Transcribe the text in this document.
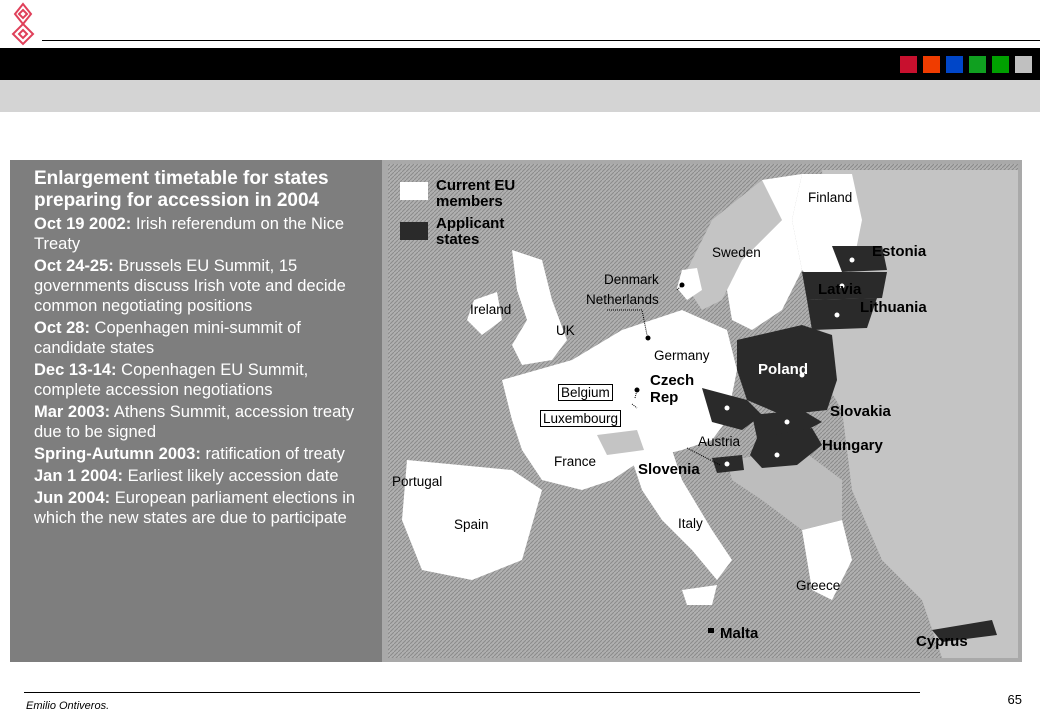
Enlargement timetable for states preparing for accession in 2004
Oct 19 2002: Irish referendum on the Nice Treaty
Oct 24-25: Brussels EU Summit, 15 governments discuss Irish vote and decide common negotiating positions
Oct 28: Copenhagen mini-summit of candidate states
Dec 13-14: Copenhagen EU Summit, complete accession negotiations
Mar 2003: Athens Summit, accession treaty due to be signed
Spring-Autumn 2003: ratification of treaty
Jan 1 2004: Earliest likely accession date
Jun 2004: European parliament elections in which the new states are due to participate
Current EU members
Applicant states
Finland
Sweden
Denmark
Netherlands
Ireland
UK
Germany
Belgium
Luxembourg
France
Austria
Portugal
Spain	Italy
Greece
Estonia
Latvia
Lithuania
Poland
Czech Rep
Slovakia
Hungary
Slovenia
Malta	Cyprus
Emilio Ontiveros.	65
